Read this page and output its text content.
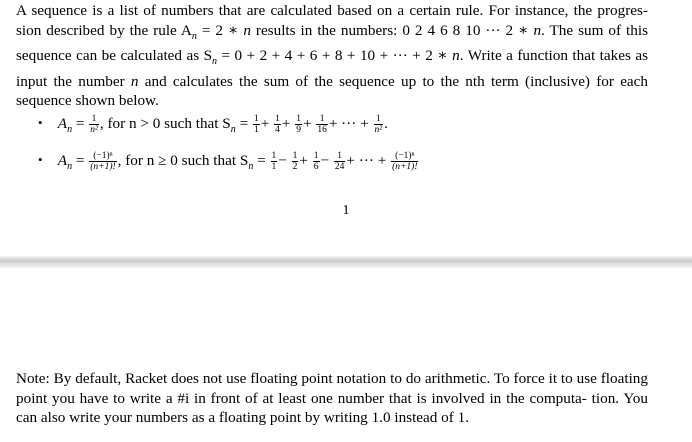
A sequence is a list of numbers that are calculated based on a certain rule. For instance, the progres- sion described by the rule $A_n = 2$ ∗ n results in the numbers: 0 2 4 6 8 10 ··· 2 ∗ n. The sum of this sequence can be calculated as $S_n = 0 + 2 + 4 + 6 + 8 + 10$ + ··· + 2 ∗ n. Write a function that takes as input the number n and calculates the sum of the sequence up to the nth term (inclusive) for each sequence shown below.

• $A_n = \frac{1}{\text{n²}}$ , for n > 0 such that $S_n = \frac{1}{1} + \frac{1}{4} + \frac{1}{9} + \frac{1}{16}$ + ··· + $\frac{1}{\text{n²}}$ .
• $A_n = \frac{\text{(−1)ⁿ}}{(n+1)!}$ , for n ≥ 0 such that $S_n = \frac{1}{1} - \frac{1}{2} + \frac{1}{6} - \frac{1}{24}$ + ··· + $\frac{\text{(−1)ⁿ}}{(n+1)!}$
1

Note: By default, Racket does not use floating point notation to do arithmetic. To force it to use floating point you have to write a #i in front of at least one number that is involved in the computa- tion. You can also write your numbers as a floating point by writing 1.0 instead of 1.
